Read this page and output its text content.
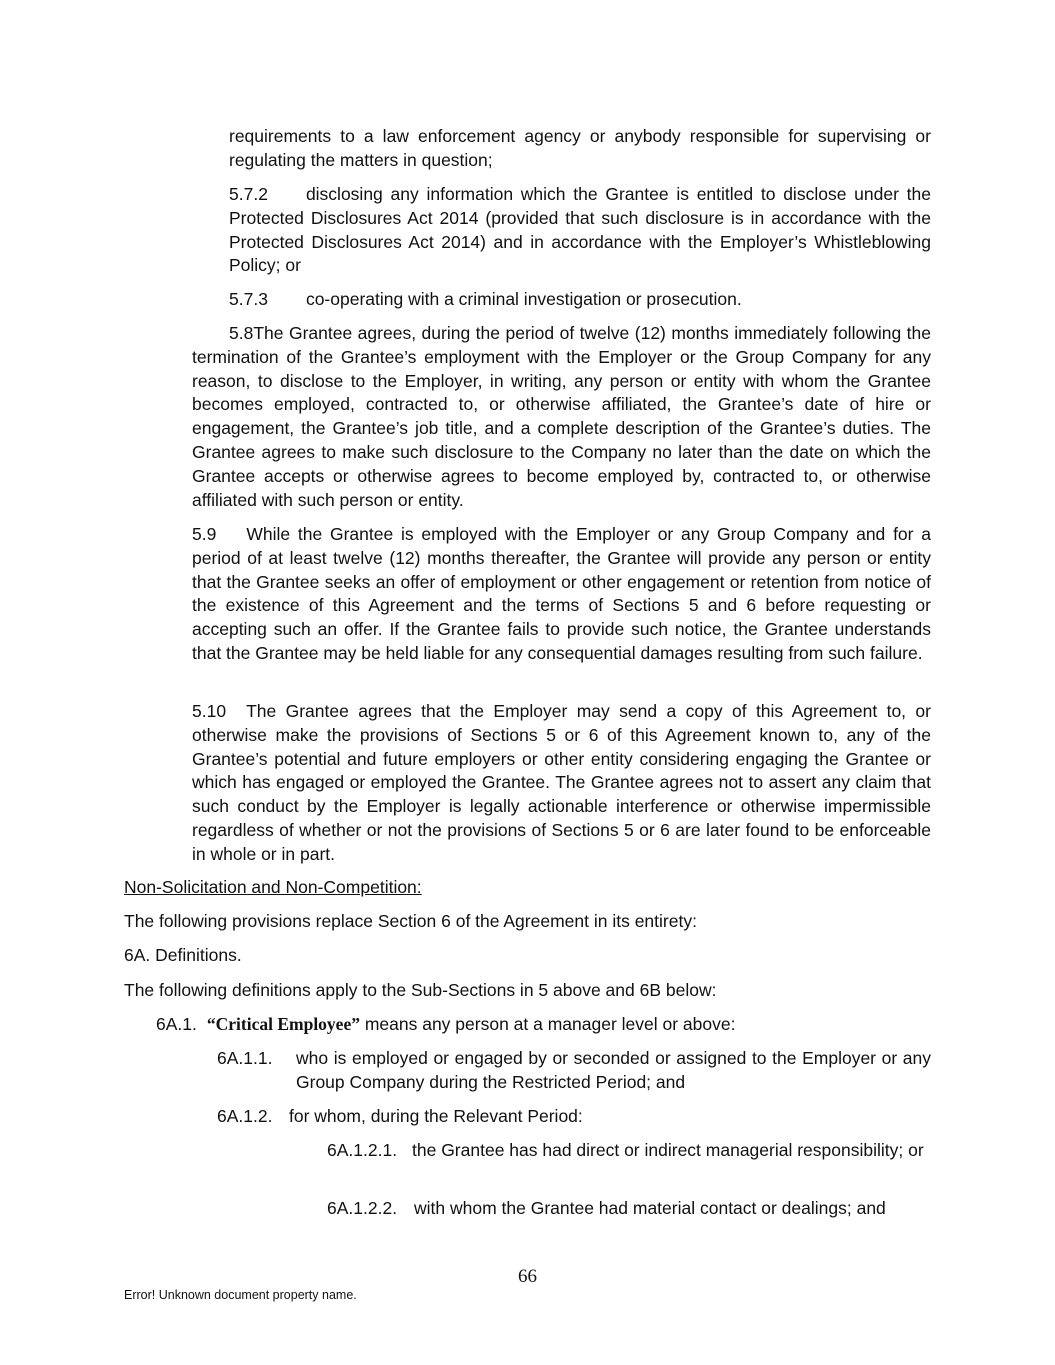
requirements to a law enforcement agency or anybody responsible for supervising or regulating the matters in question;

5.7.2 disclosing any information which the Grantee is entitled to disclose under the Protected Disclosures Act 2014 (provided that such disclosure is in accordance with the Protected Disclosures Act 2014) and in accordance with the Employer’s Whistleblowing Policy; or

5.7.3 co-operating with a criminal investigation or prosecution.

5.8The Grantee agrees, during the period of twelve (12) months immediately following the termination of the Grantee’s employment with the Employer or the Group Company for any reason, to disclose to the Employer, in writing, any person or entity with whom the Grantee becomes employed, contracted to, or otherwise affiliated, the Grantee’s date of hire or engagement, the Grantee’s job title, and a complete description of the Grantee’s duties. The Grantee agrees to make such disclosure to the Company no later than the date on which the Grantee accepts or otherwise agrees to become employed by, contracted to, or otherwise affiliated with such person or entity.

5.9 While the Grantee is employed with the Employer or any Group Company and for a period of at least twelve (12) months thereafter, the Grantee will provide any person or entity that the Grantee seeks an offer of employment or other engagement or retention from notice of the existence of this Agreement and the terms of Sections 5 and 6 before requesting or accepting such an offer. If the Grantee fails to provide such notice, the Grantee understands that the Grantee may be held liable for any consequential damages resulting from such failure.

5.10 The Grantee agrees that the Employer may send a copy of this Agreement to, or otherwise make the provisions of Sections 5 or 6 of this Agreement known to, any of the Grantee’s potential and future employers or other entity considering engaging the Grantee or which has engaged or employed the Grantee. The Grantee agrees not to assert any claim that such conduct by the Employer is legally actionable interference or otherwise impermissible regardless of whether or not the provisions of Sections 5 or 6 are later found to be enforceable in whole or in part.

Non-Solicitation and Non-Competition:

The following provisions replace Section 6 of the Agreement in its entirety:

6A. Definitions.

The following definitions apply to the Sub-Sections in 5 above and 6B below:

6A.1. “Critical Employee” means any person at a manager level or above:

6A.1.1.	who is employed or engaged by or seconded or assigned to the Employer or any Group Company during the Restricted Period; and
6A.1.2. for whom, during the Relevant Period:
6A.1.2.1. the Grantee has had direct or indirect managerial responsibility; or
6A.1.2.2. with whom the Grantee had material contact or dealings; and
66
Error! Unknown document property name.
